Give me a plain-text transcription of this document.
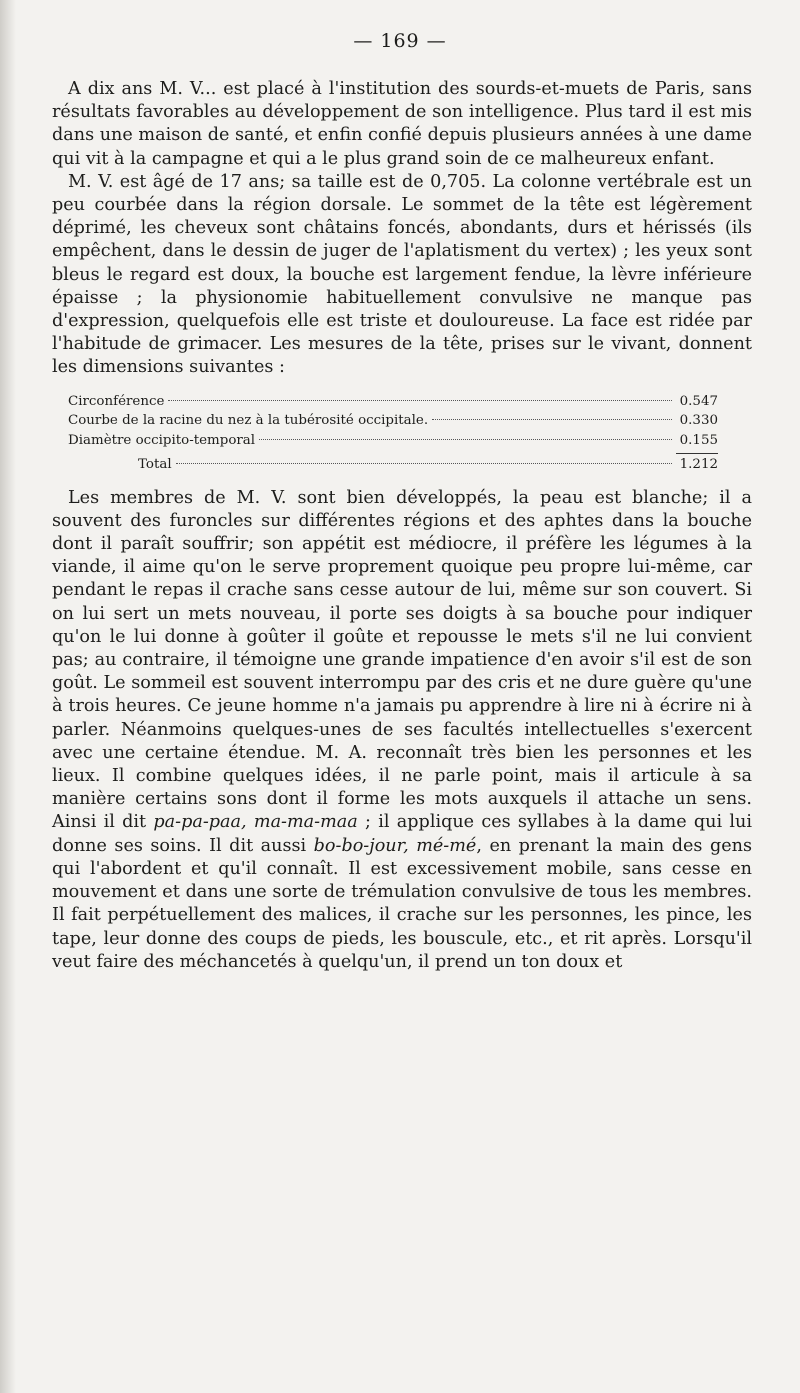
— 169 —

A dix ans M. V... est placé à l'institution des sourds-et-muets de Paris, sans résultats favorables au développement de son intelligence. Plus tard il est mis dans une maison de santé, et enfin confié depuis plusieurs années à une dame qui vit à la campagne et qui a le plus grand soin de ce malheureux enfant.

M. V. est âgé de 17 ans; sa taille est de 0,705. La colonne vertébrale est un peu courbée dans la région dorsale. Le sommet de la tête est légèrement déprimé, les cheveux sont châtains foncés, abondants, durs et hérissés (ils empêchent, dans le dessin de juger de l'aplatisment du vertex) ; les yeux sont bleus le regard est doux, la bouche est largement fendue, la lèvre inférieure épaisse ; la physionomie habituellement convulsive ne manque pas d'expression, quelquefois elle est triste et douloureuse. La face est ridée par l'habitude de grimacer. Les mesures de la tête, prises sur le vivant, donnent les dimensions suivantes :

Circonférence	0.547
Courbe de la racine du nez à la tubérosité occipitale.	0.330
Diamètre occipito-temporal	0.155
Total	1.212

Les membres de M. V. sont bien développés, la peau est blanche; il a souvent des furoncles sur différentes régions et des aphtes dans la bouche dont il paraît souffrir; son appétit est médiocre, il préfère les légumes à la viande, il aime qu'on le serve proprement quoique peu propre lui-même, car pendant le repas il crache sans cesse autour de lui, même sur son couvert. Si on lui sert un mets nouveau, il porte ses doigts à sa bouche pour indiquer qu'on le lui donne à goûter il goûte et repousse le mets s'il ne lui convient pas; au contraire, il témoigne une grande impatience d'en avoir s'il est de son goût. Le sommeil est souvent interrompu par des cris et ne dure guère qu'une à trois heures. Ce jeune homme n'a jamais pu apprendre à lire ni à écrire ni à parler. Néanmoins quelques-unes de ses facultés intellectuelles s'exercent avec une certaine étendue. M. A. reconnaît très bien les personnes et les lieux. Il combine quelques idées, il ne parle point, mais il articule à sa manière certains sons dont il forme les mots auxquels il attache un sens. Ainsi il dit pa-pa-paa, ma-ma-maa ; il applique ces syllabes à la dame qui lui donne ses soins. Il dit aussi bo-bo-jour, mé-mé, en prenant la main des gens qui l'abordent et qu'il connaît. Il est excessivement mobile, sans cesse en mouvement et dans une sorte de trémulation convulsive de tous les membres. Il fait perpétuellement des malices, il crache sur les personnes, les pince, les tape, leur donne des coups de pieds, les bouscule, etc., et rit après. Lorsqu'il veut faire des méchancetés à quelqu'un, il prend un ton doux et
